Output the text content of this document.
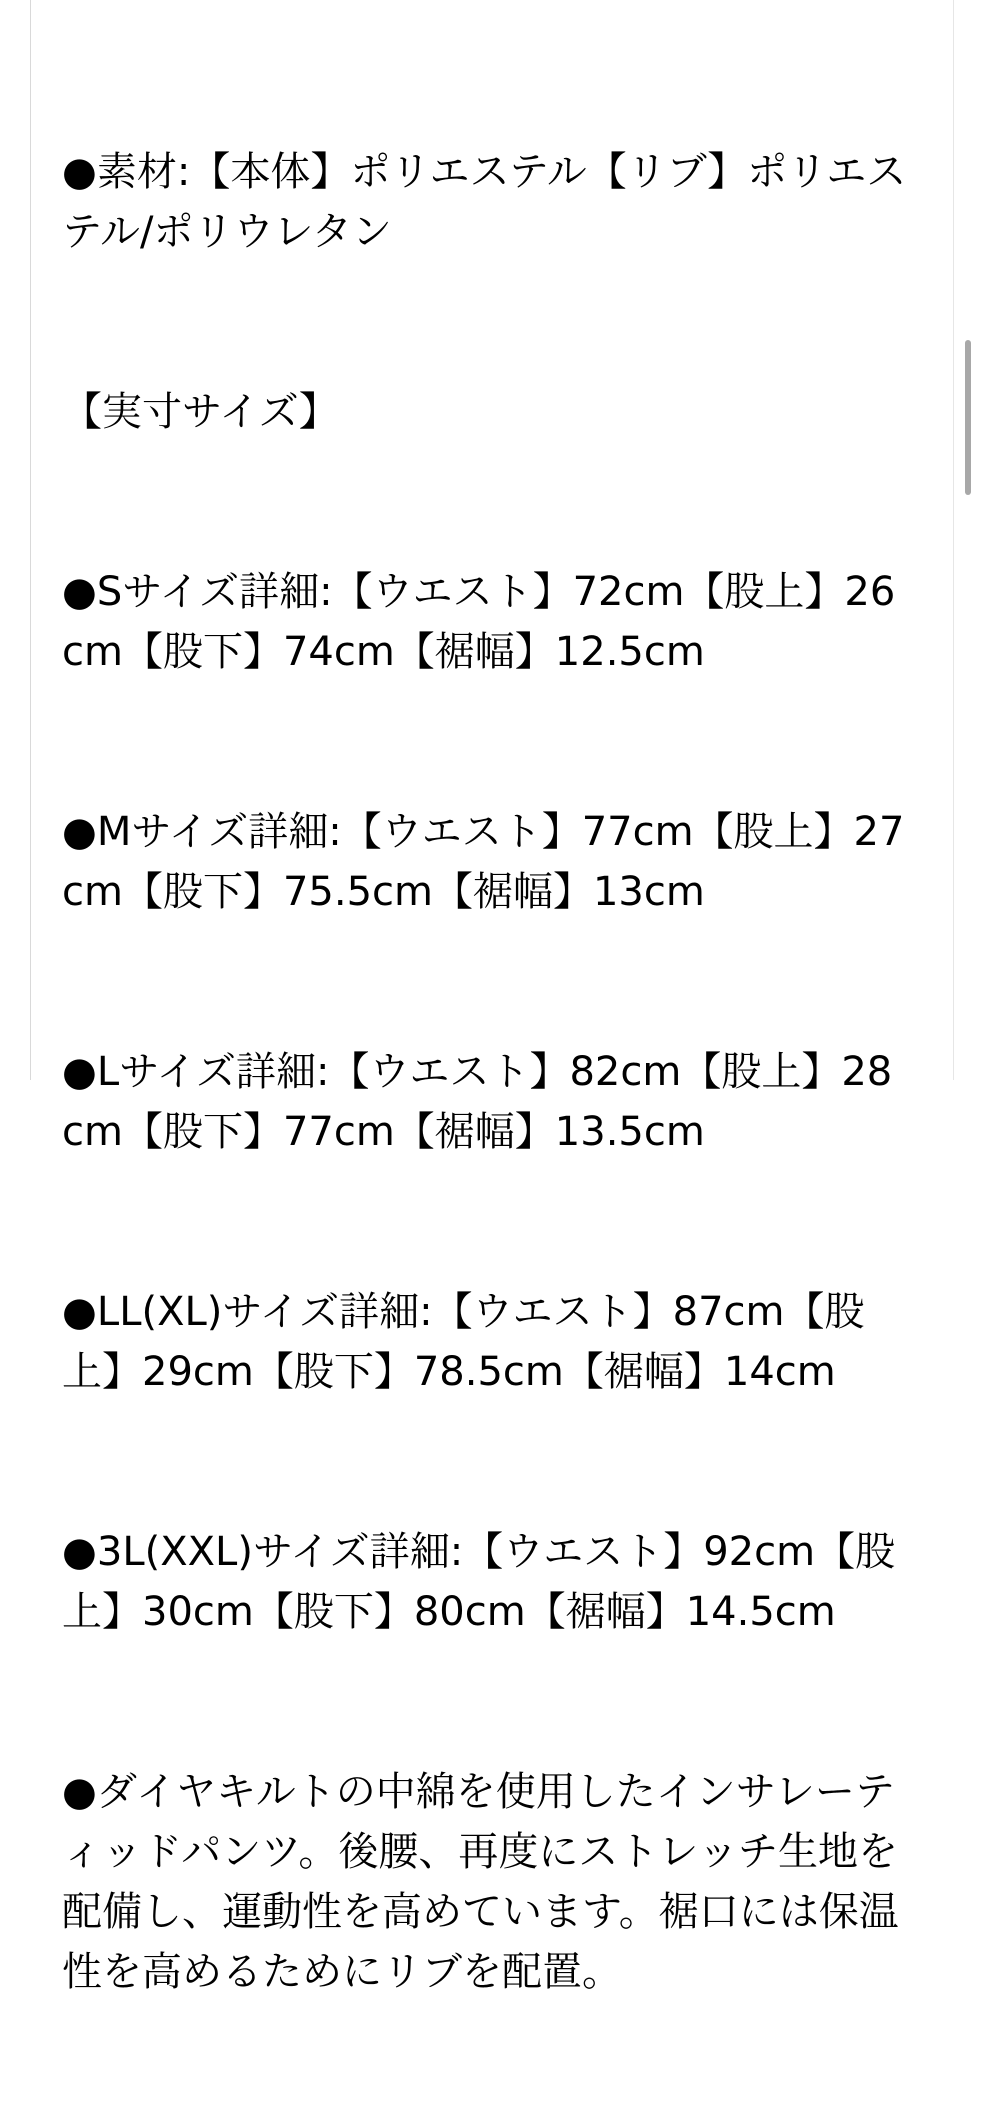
●素材:【本体】ポリエステル【リブ】ポリエステル/ポリウレタン

【実寸サイズ】

●Sサイズ詳細:【ウエスト】72cm【股上】26cm【股下】74cm【裾幅】12.5cm

●Mサイズ詳細:【ウエスト】77cm【股上】27cm【股下】75.5cm【裾幅】13cm

●Lサイズ詳細:【ウエスト】82cm【股上】28cm【股下】77cm【裾幅】13.5cm

●LL(XL)サイズ詳細:【ウエスト】87cm【股上】29cm【股下】78.5cm【裾幅】14cm

●3L(XXL)サイズ詳細:【ウエスト】92cm【股上】30cm【股下】80cm【裾幅】14.5cm

●ダイヤキルトの中綿を使用したインサレーティッドパンツ。後腰、再度にストレッチ生地を配備し、運動性を高めています。裾口には保温性を高めるためにリブを配置。
